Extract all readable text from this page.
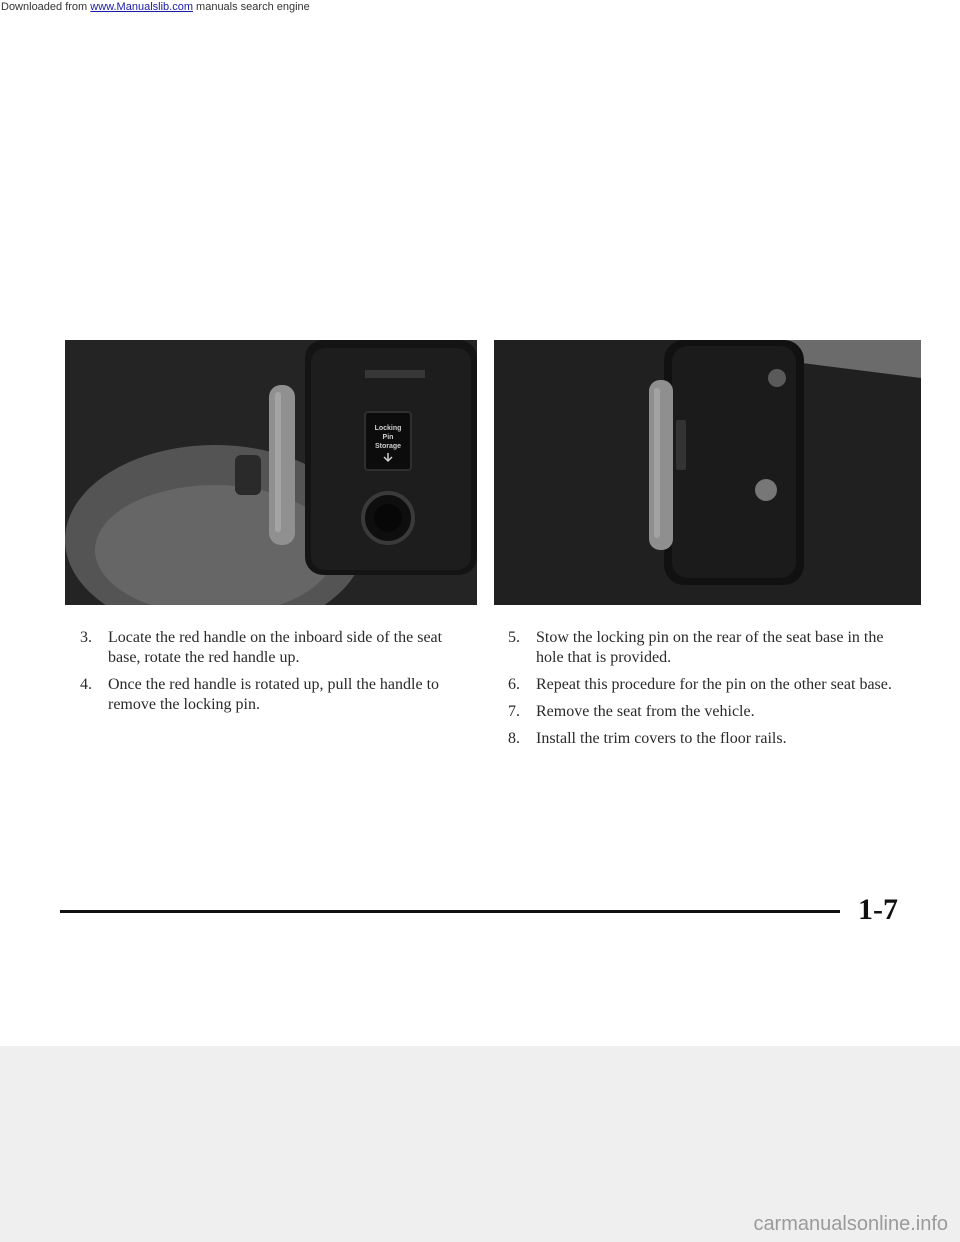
Downloaded from www.Manualslib.com manuals search engine
Locking
Pin
Storage
3. Locate the red handle on the inboard side of the seat base, rotate the red handle up.
4. Once the red handle is rotated up, pull the handle to remove the locking pin.
5. Stow the locking pin on the rear of the seat base in the hole that is provided.
6. Repeat this procedure for the pin on the other seat base.
7. Remove the seat from the vehicle.
8. Install the trim covers to the floor rails.
1-7
carmanualsonline.info
